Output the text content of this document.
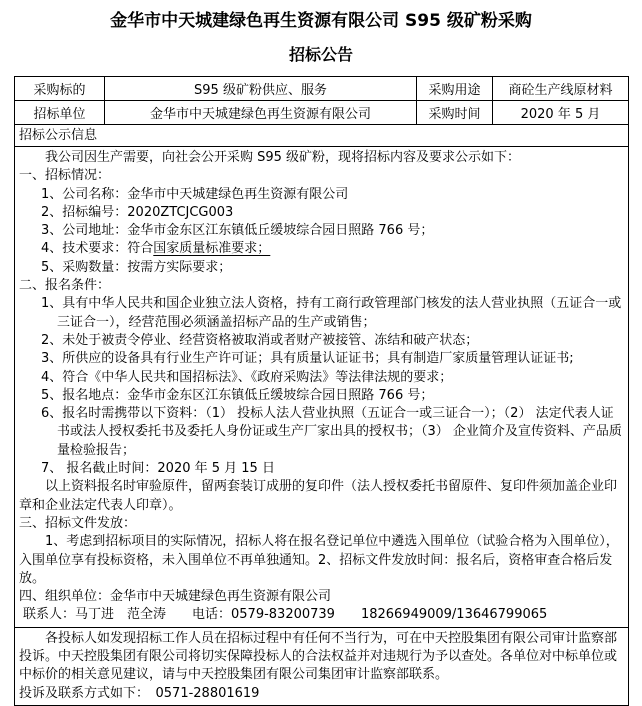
金华市中天城建绿色再生资源有限公司 S95 级矿粉采购
招标公告
采购标的	S95 级矿粉供应、服务	采购用途	商砼生产线原材料
招标单位	金华市中天城建绿色再生资源有限公司	采购时间	2020 年 5 月
招标公示信息			

我公司因生产需要，向社会公开采购 S95 级矿粉，现将招标内容及要求公示如下：

一、招标情况：

1、公司名称：金华市中天城建绿色再生资源有限公司

2、招标编号：2020ZTCJCG003

3、公司地址：金华市金东区江东镇低丘缓坡综合园日照路 766 号；

4、技术要求：符合国家质量标准要求；

5、采购数量：按需方实际要求；

二、报名条件：

1、具有中华人民共和国企业独立法人资格，持有工商行政管理部门核发的法人营业执照（五证合一或三证合一），经营范围必须涵盖招标产品的生产或销售；

2、未处于被责令停业、经营资格被取消或者财产被接管、冻结和破产状态；

3、所供应的设备具有行业生产许可证；具有质量认证证书；具有制造厂家质量管理认证证书;

4、符合《中华人民共和国招标法》、《政府采购法》等法律法规的要求；

5、报名地点：金华市金东区江东镇低丘缓坡综合园日照路 766 号；

6、报名时需携带以下资料：（1） 投标人法人营业执照（五证合一或三证合一）；（2） 法定代表人证书或法人授权委托书及委托人身份证或生产厂家出具的授权书；（3） 企业简介及宣传资料、产品质量检验报告；

7、 报名截止时间：2020 年 5 月 15 日

以上资料报名时审验原件，留两套装订成册的复印件（法人授权委托书留原件、复印件须加盖企业印章和企业法定代表人印章）。

三、招标文件发放：

1、考虑到招标项目的实际情况，招标人将在报名登记单位中遴选入围单位（试验合格为入围单位），入围单位享有投标资格，未入围单位不再单独通知。2、招标文件发放时间：报名后，资格审查合格后发放。

四、组织单位：金华市中天城建绿色再生资源有限公司

联系人：马丁进　范全涛　　电话：0579-83200739　　18266949009/13646799065

各投标人如发现招标工作人员在招标过程中有任何不当行为，可在中天控股集团有限公司审计监察部投诉。中天控股集团有限公司将切实保障投标人的合法权益并对违规行为予以查处。各单位对中标单位或中标价的相关意见建议，请与中天控股集团有限公司集团审计监察部联系。

投诉及联系方式如下：　0571-28801619			
